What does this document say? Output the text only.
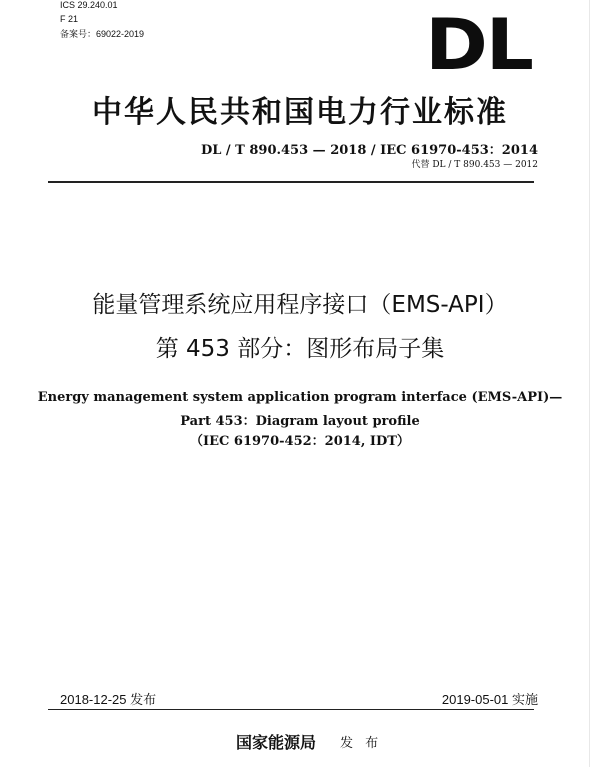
ICS 29.240.01
F 21
备案号：69022-2019	DL
中华人民共和国电力行业标准
DL / T 890.453 — 2018 / IEC 61970-453：2014
代替 DL / T 890.453 — 2012
能量管理系统应用程序接口（EMS-API）
第 453 部分：图形布局子集
Energy management system application program interface (EMS-API)—
Part 453：Diagram layout profile
（IEC 61970-452：2014, IDT）
2018-12-25 发布	2019-05-01 实施
国家能源局 发 布
